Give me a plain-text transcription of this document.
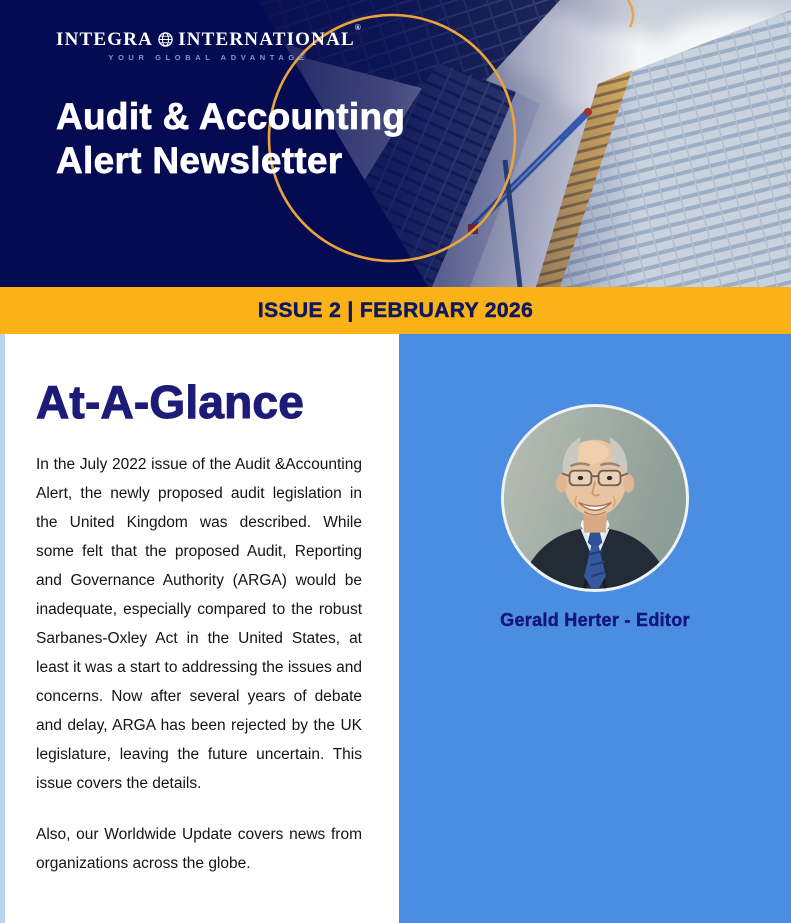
INTEGRA INTERNATIONAL®
YOUR GLOBAL ADVANTAGE
Audit & Accounting
Alert Newsletter
ISSUE 2 | FEBRUARY 2026
At-A-Glance

In the July 2022 issue of the Audit &Accounting Alert, the newly proposed audit legislation in the United Kingdom was described. While some felt that the proposed Audit, Reporting and Governance Authority (ARGA) would be inadequate, especially compared to the robust Sarbanes-Oxley Act in the United States, at least it was a start to addressing the issues and concerns. Now after several years of debate and delay, ARGA has been rejected by the UK legislature, leaving the future uncertain. This issue covers the details.

Also, our Worldwide Update covers news from organizations across the globe.

Gerald Herter - Editor
